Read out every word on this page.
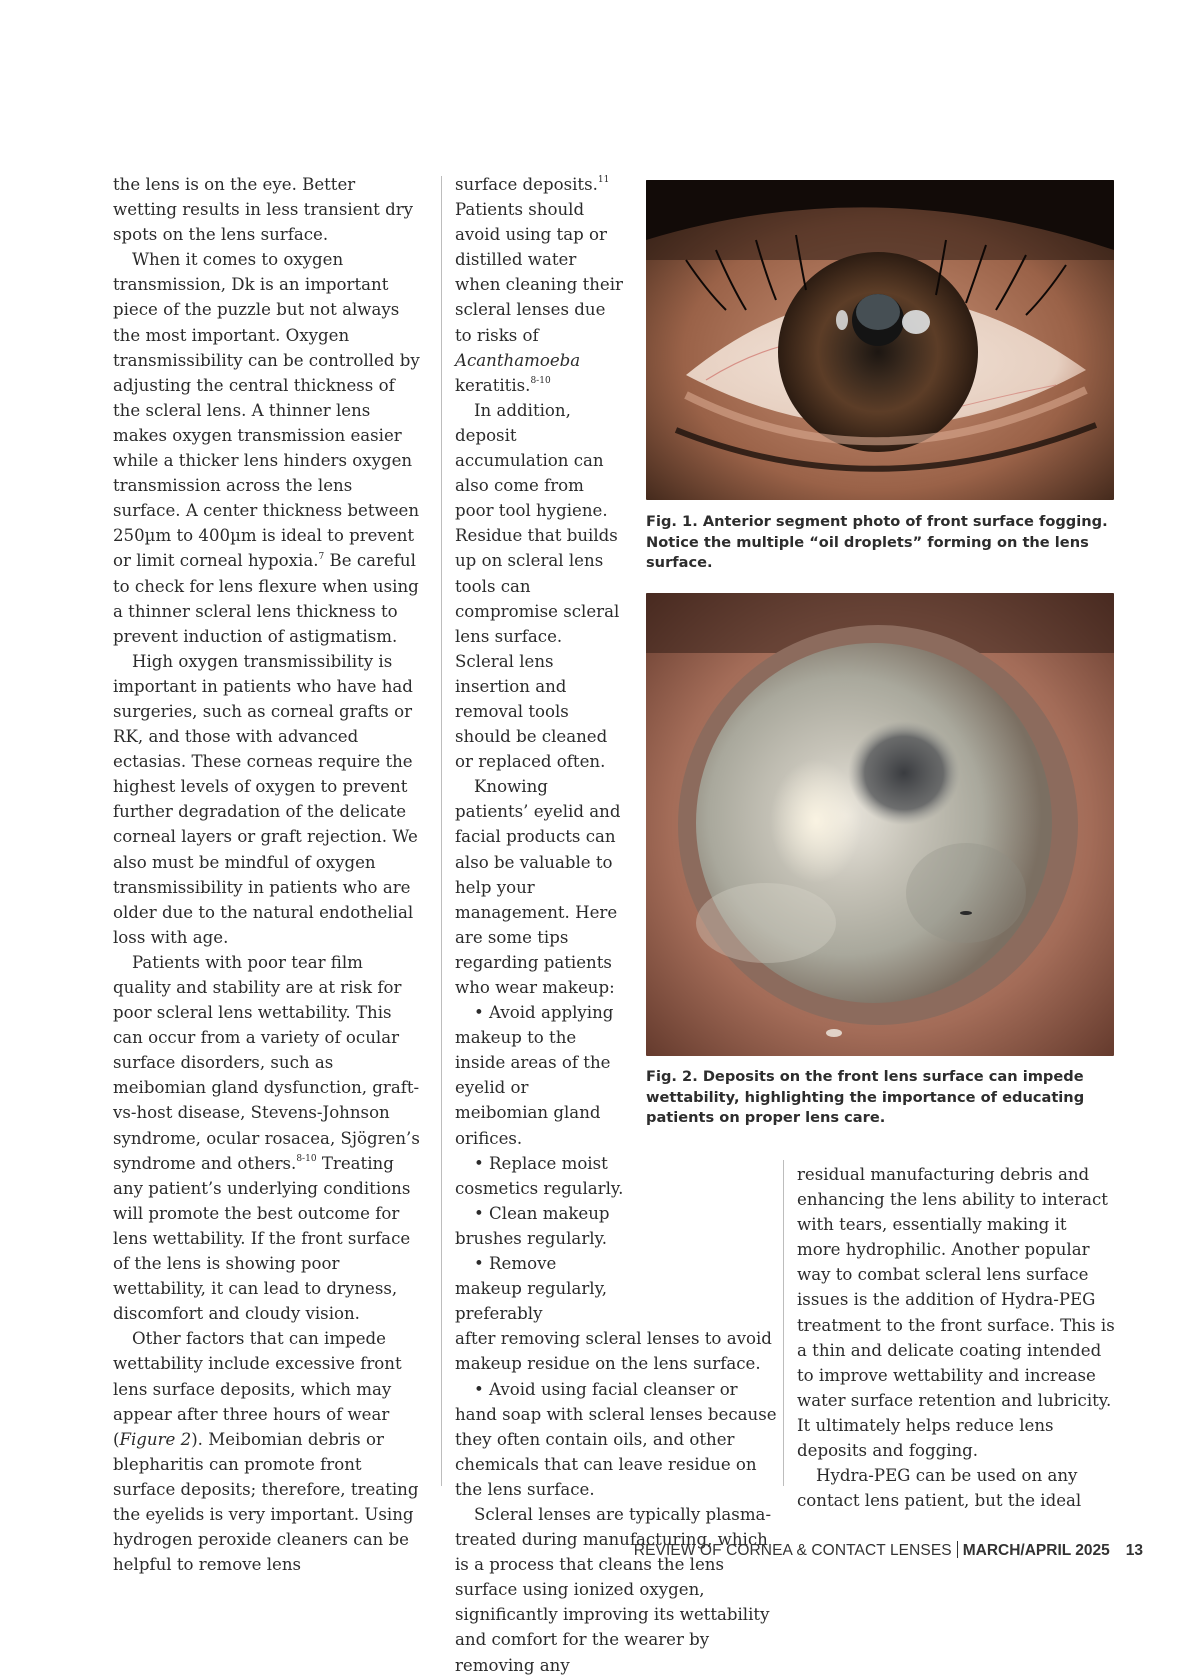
the lens is on the eye. Better wetting results in less transient dry spots on the lens surface.

When it comes to oxygen transmission, Dk is an important piece of the puzzle but not always the most important. Oxygen transmissibility can be controlled by adjusting the central thickness of the scleral lens. A thinner lens makes oxygen transmission easier while a thicker lens hinders oxygen transmission across the lens surface. A center thickness between 250µm to 400µm is ideal to prevent or limit corneal hypoxia.$^7$ Be careful to check for lens flexure when using a thinner scleral lens thickness to prevent induction of astigmatism.

High oxygen transmissibility is important in patients who have had surgeries, such as corneal grafts or RK, and those with advanced ectasias. These corneas require the highest levels of oxygen to prevent further degradation of the delicate corneal layers or graft rejection. We also must be mindful of oxygen transmissibility in patients who are older due to the natural endothelial loss with age.

Patients with poor tear film quality and stability are at risk for poor scleral lens wettability. This can occur from a variety of ocular surface disorders, such as meibomian gland dysfunction, graft-vs-host disease, Stevens-Johnson syndrome, ocular rosacea, Sjögren’s syndrome and others.$^{8-10}$ Treating any patient’s underlying conditions will promote the best outcome for lens wettability. If the front surface of the lens is showing poor wettability, it can lead to dryness, discomfort and cloudy vision.

Other factors that can impede wettability include excessive front lens surface deposits, which may appear after three hours of wear (Figure 2). Meibomian debris or blepharitis can promote front surface deposits; therefore, treating the eyelids is very important. Using hydrogen peroxide cleaners can be helpful to remove lens

surface deposits.$^{11}$

Patients should avoid using tap or distilled water when cleaning their scleral lenses due to risks of Acanthamoeba keratitis.$^{8-10}$

In addition, deposit accumulation can also come from poor tool hygiene. Residue that builds up on scleral lens tools can compromise scleral lens surface. Scleral lens insertion and removal tools should be cleaned or replaced often.

Knowing patients’ eyelid and facial products can also be valuable to help your management. Here are some tips regarding patients who wear makeup:

• Avoid applying makeup to the inside areas of the eyelid or meibomian gland orifices.

• Replace moist cosmetics regularly.

• Clean makeup brushes regularly.

• Remove makeup regularly, preferably

after removing scleral lenses to avoid makeup residue on the lens surface.

• Avoid using facial cleanser or hand soap with scleral lenses because they often contain oils, and other chemicals that can leave residue on the lens surface.

Scleral lenses are typically plasma-treated during manufacturing, which is a process that cleans the lens surface using ionized oxygen, significantly improving its wettability and comfort for the wearer by removing any

residual manufacturing debris and enhancing the lens ability to interact with tears, essentially making it more hydrophilic. Another popular way to combat scleral lens surface issues is the addition of Hydra-PEG treatment to the front surface. This is a thin and delicate coating intended to improve wettability and increase water surface retention and lubricity. It ultimately helps reduce lens deposits and fogging.

Hydra-PEG can be used on any contact lens patient, but the ideal

Fig. 1. Anterior segment photo of front surface fogging. Notice the multiple “oil droplets” forming on the lens surface.
Fig. 2. Deposits on the front lens surface can impede wettability, highlighting the importance of educating patients on proper lens care.
REVIEW OF CORNEA & CONTACT LENSES MARCH/APRIL 2025 13
